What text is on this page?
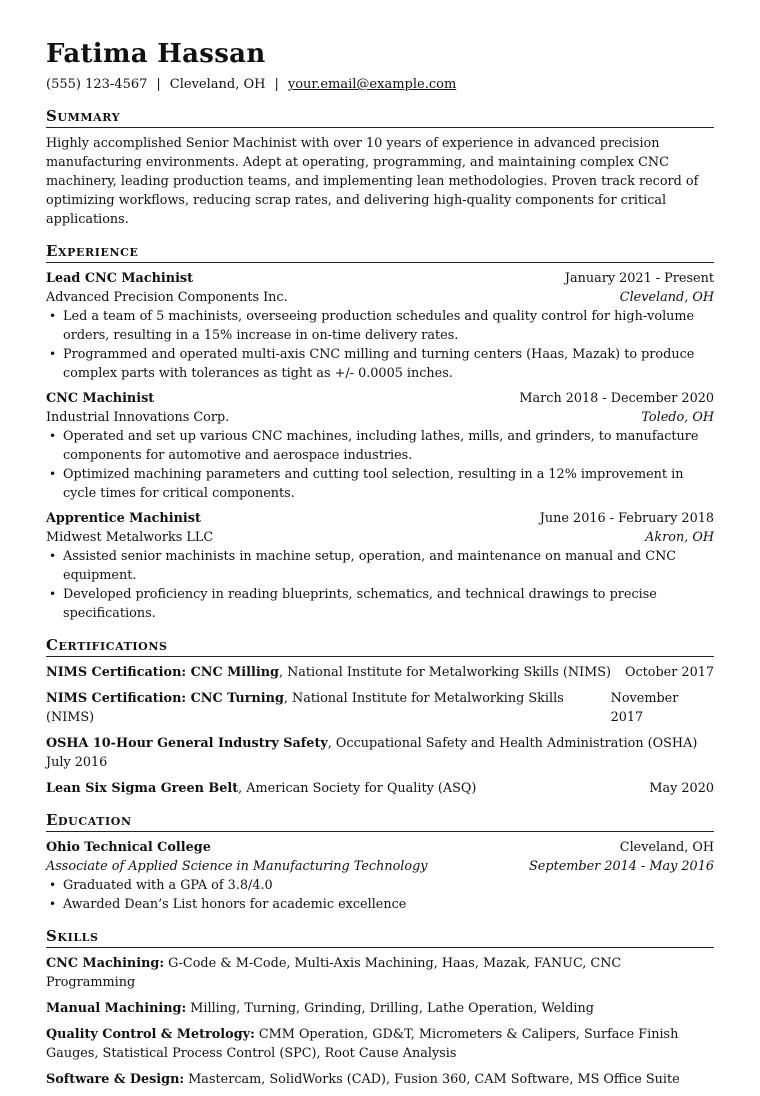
Fatima Hassan
(555) 123-4567 | Cleveland, OH | your.email@example.com
Summary

Highly accomplished Senior Machinist with over 10 years of experience in advanced precision manufacturing environments. Adept at operating, programming, and maintaining complex CNC machinery, leading production teams, and implementing lean methodologies. Proven track record of optimizing workflows, reducing scrap rates, and delivering high-quality components for critical applications.

Experience
Lead CNC Machinist	January 2021 - Present
Advanced Precision Components Inc.	Cleveland, OH
• Led a team of 5 machinists, overseeing production schedules and quality control for high-volume orders, resulting in a 15% increase in on-time delivery rates.
• Programmed and operated multi-axis CNC milling and turning centers (Haas, Mazak) to produce complex parts with tolerances as tight as +/- 0.0005 inches.
CNC Machinist	March 2018 - December 2020
Industrial Innovations Corp.	Toledo, OH
• Operated and set up various CNC machines, including lathes, mills, and grinders, to manufacture components for automotive and aerospace industries.
• Optimized machining parameters and cutting tool selection, resulting in a 12% improvement in cycle times for critical components.
Apprentice Machinist	June 2016 - February 2018
Midwest Metalworks LLC	Akron, OH
• Assisted senior machinists in machine setup, operation, and maintenance on manual and CNC equipment.
• Developed proficiency in reading blueprints, schematics, and technical drawings to precise specifications.
Certifications
NIMS Certification: CNC Milling, National Institute for Metalworking Skills (NIMS) October 2017
NIMS Certification: CNC Turning, National Institute for Metalworking Skills (NIMS)
November 2017
OSHA 10-Hour General Industry Safety, Occupational Safety and Health Administration (OSHA)
July 2016
Lean Six Sigma Green Belt, American Society for Quality (ASQ)	May 2020
Education
Ohio Technical College	Cleveland, OH
Associate of Applied Science in Manufacturing Technology	September 2014 - May 2016
• Graduated with a GPA of 3.8/4.0
• Awarded Dean’s List honors for academic excellence
Skills
CNC Machining: G-Code & M-Code, Multi-Axis Machining, Haas, Mazak, FANUC, CNC Programming
Manual Machining: Milling, Turning, Grinding, Drilling, Lathe Operation, Welding
Quality Control & Metrology: CMM Operation, GD&T, Micrometers & Calipers, Surface Finish Gauges, Statistical Process Control (SPC), Root Cause Analysis
Software & Design: Mastercam, SolidWorks (CAD), Fusion 360, CAM Software, MS Office Suite
